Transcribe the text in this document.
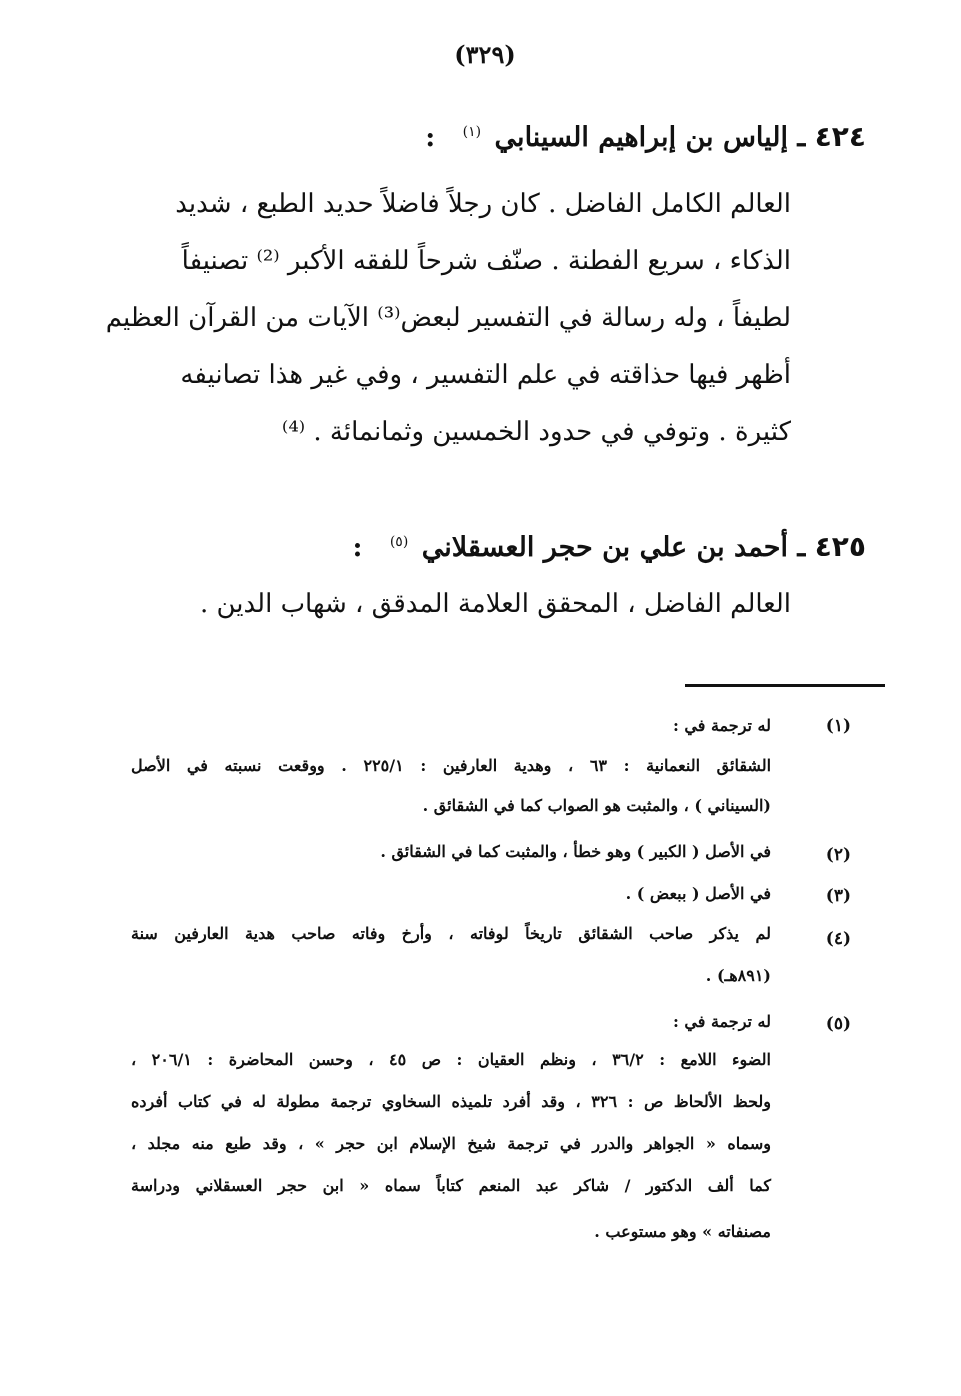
(٣٢٩)
٤٢٤ ـ إلياس بن إبراهيم السينابي $^{(١)}$ :
العالم الكامل الفاضل . كان رجلاً فاضلاً حديد الطبع ، شديد
الذكاء ، سريع الفطنة . صنّف شرحاً للفقه الأكبر ⁽²⁾ تصنيفاً
لطيفاً ، وله رسالة في التفسير لبعض⁽³⁾ الآيات من القرآن العظيم
أظهر فيها حذاقته في علم التفسير ، وفي غير هذا تصانيفه
كثيرة . وتوفي في حدود الخمسين وثمانمائة . ⁽⁴⁾
٤٢٥ ـ أحمد بن علي بن حجر العسقلاني $^{(٥)}$ :
العالم الفاضل ، المحقق العلامة المدقق ، شهاب الدين .
(١)
له ترجمة في :
الشقائق النعمانية : ٦٣ ، وهدية العارفين : ٢٢٥/١ . ووقعت نسبته في الأصل
(السيناني ) ، والمثبت هو الصواب كما في الشقائق .
(٢)
في الأصل ( الكبير ) وهو خطأ ، والمثبت كما في الشقائق .
(٣)
في الأصل ( ببعض ) .
(٤)
لم يذكر صاحب الشقائق تاريخاً لوفاته ، وأرخ وفاته صاحب هدية العارفين سنة
(٨٩١هـ) .
(٥)
له ترجمة في :
الضوء اللامع : ٣٦/٢ ، ونظم العقيان : ص ٤٥ ، وحسن المحاضرة : ٢٠٦/١ ،
ولحظ الألحاظ ص : ٣٢٦ ، وقد أفرد تلميذه السخاوي ترجمة مطولة له في كتاب أفرده
وسماه « الجواهر والدرر في ترجمة شيخ الإسلام ابن حجر » ، وقد طبع منه مجلد ،
كما ألف الدكتور / شاكر عبد المنعم كتاباً سماه « ابن حجر العسقلاني ودراسة
مصنفاته » وهو مستوعب .
